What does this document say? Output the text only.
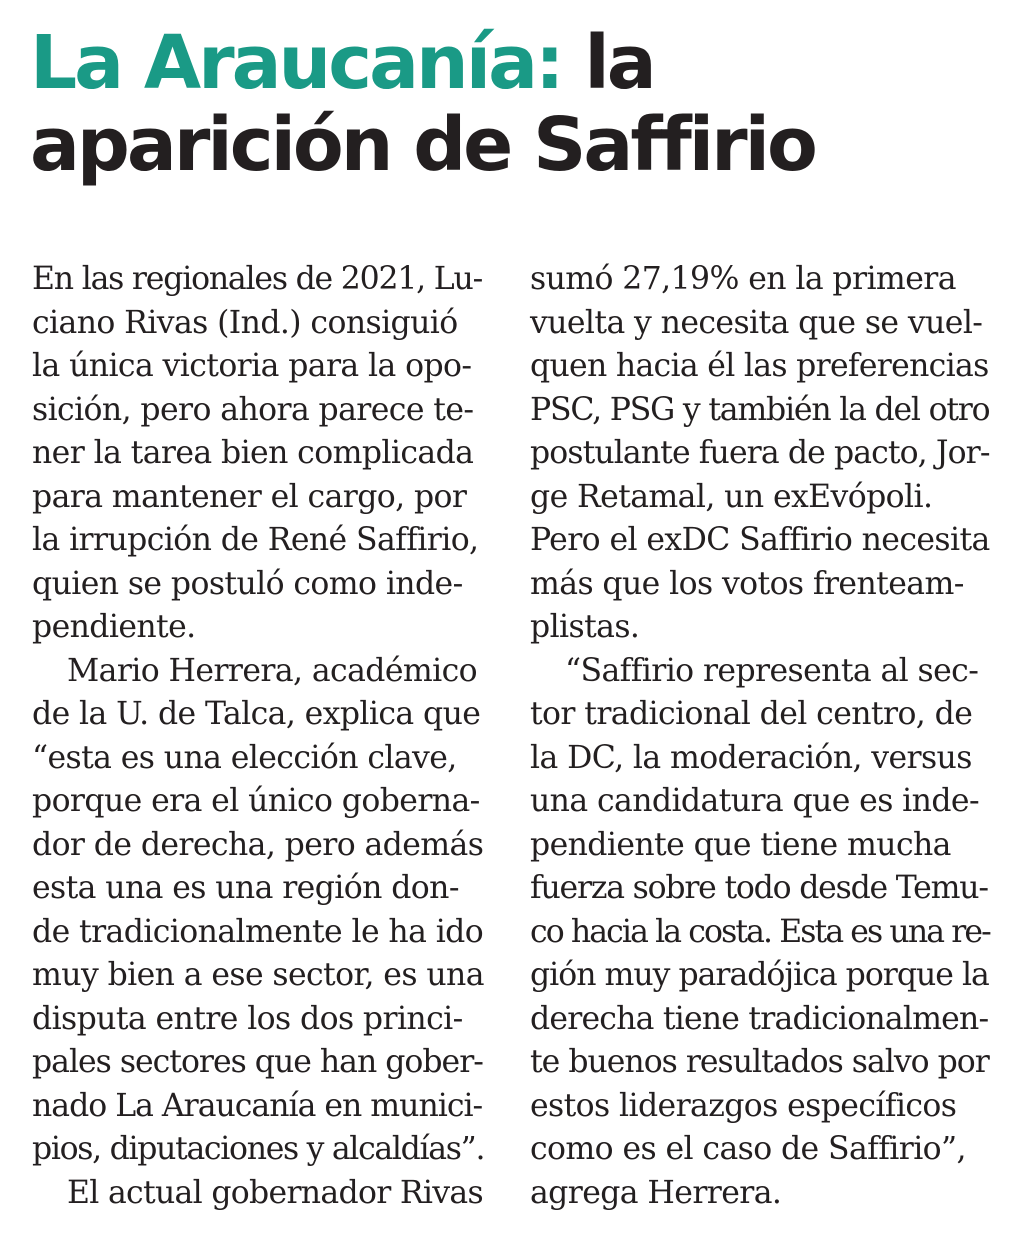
La Araucanía: la
aparición de Saffirio
En las regionales de 2021, Lu-
ciano Rivas (Ind.) consiguió
la única victoria para la opo-
sición, pero ahora parece te-
ner la tarea bien complicada
para mantener el cargo, por
la irrupción de René Saffirio,
quien se postuló como inde-
pendiente.
Mario Herrera, académico
de la U. de Talca, explica que
“esta es una elección clave,
porque era el único goberna-
dor de derecha, pero además
esta una es una región don-
de tradicionalmente le ha ido
muy bien a ese sector, es una
disputa entre los dos princi-
pales sectores que han gober-
nado La Araucanía en munici-
pios, diputaciones y alcaldías”.
El actual gobernador Rivas
sumó 27,19% en la primera
vuelta y necesita que se vuel-
quen hacia él las preferencias
PSC, PSG y también la del otro
postulante fuera de pacto, Jor-
ge Retamal, un exEvópoli.
Pero el exDC Saffirio necesita
más que los votos frenteam-
plistas.
“Saffirio representa al sec-
tor tradicional del centro, de
la DC, la moderación, versus
una candidatura que es inde-
pendiente que tiene mucha
fuerza sobre todo desde Temu-
co hacia la costa. Esta es una re-
gión muy paradójica porque la
derecha tiene tradicionalmen-
te buenos resultados salvo por
estos liderazgos específicos
como es el caso de Saffirio”,
agrega Herrera.
